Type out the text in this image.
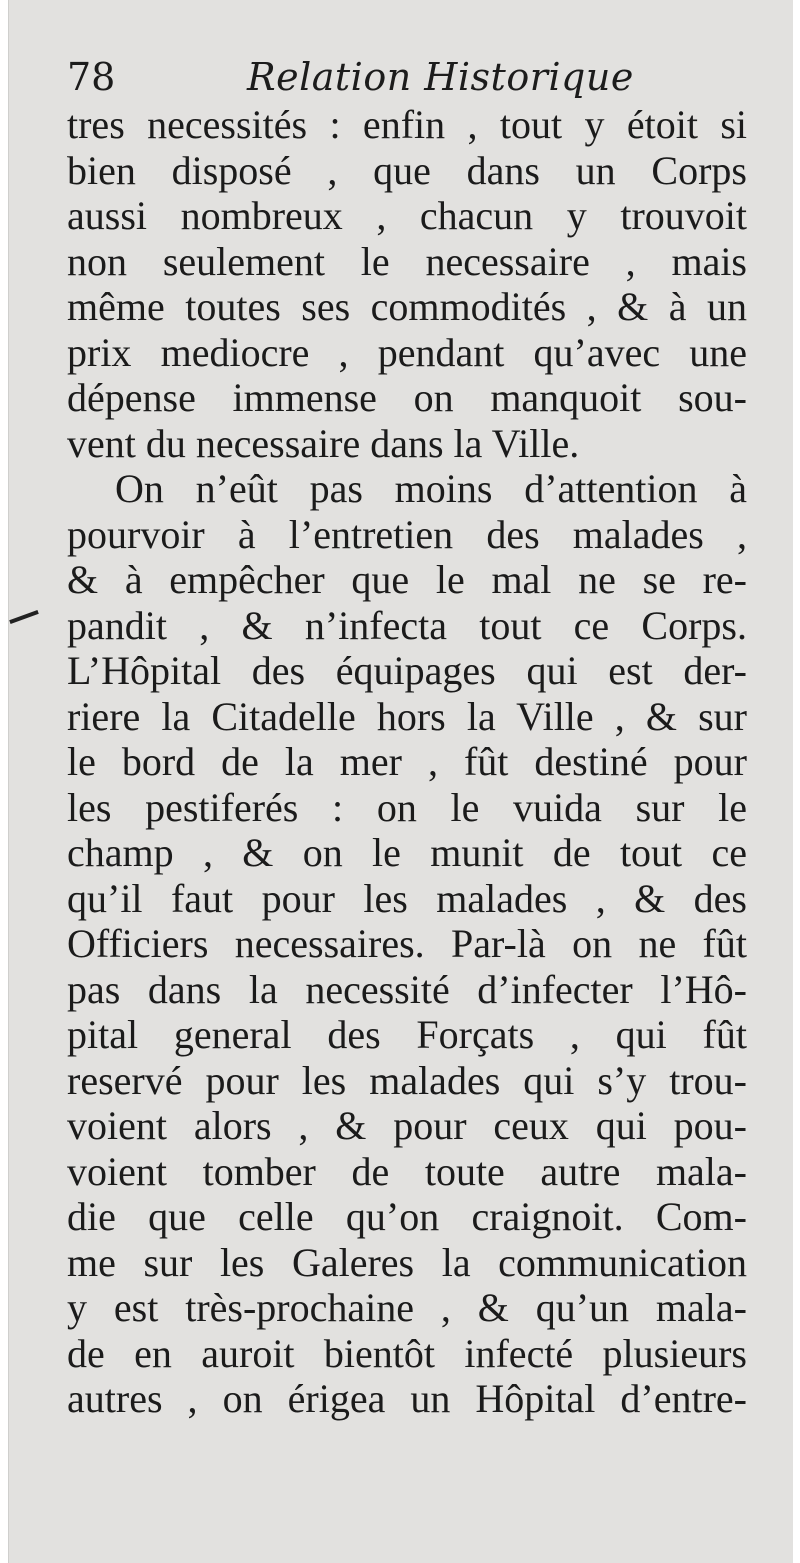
78	Relation Historique
tres necessités : enfin , tout y étoit si
bien disposé , que dans un Corps
aussi nombreux , chacun y trouvoit
non seulement le necessaire , mais
même toutes ses commodités , & à un
prix mediocre , pendant qu’avec une
dépense immense on manquoit sou-
vent du necessaire dans la Ville.
On n’eût pas moins d’attention à
pourvoir à l’entretien des malades ,
& à empêcher que le mal ne se re-
pandit , & n’infecta tout ce Corps.
L’Hôpital des équipages qui est der-
riere la Citadelle hors la Ville , & sur
le bord de la mer , fût destiné pour
les pestiferés : on le vuida sur le
champ , & on le munit de tout ce
qu’il faut pour les malades , & des
Officiers necessaires. Par-là on ne fût
pas dans la necessité d’infecter l’Hô-
pital general des Forçats , qui fût
reservé pour les malades qui s’y trou-
voient alors , & pour ceux qui pou-
voient tomber de toute autre mala-
die que celle qu’on craignoit. Com-
me sur les Galeres la communication
y est très-prochaine , & qu’un mala-
de en auroit bientôt infecté plusieurs
autres , on érigea un Hôpital d’entre-
